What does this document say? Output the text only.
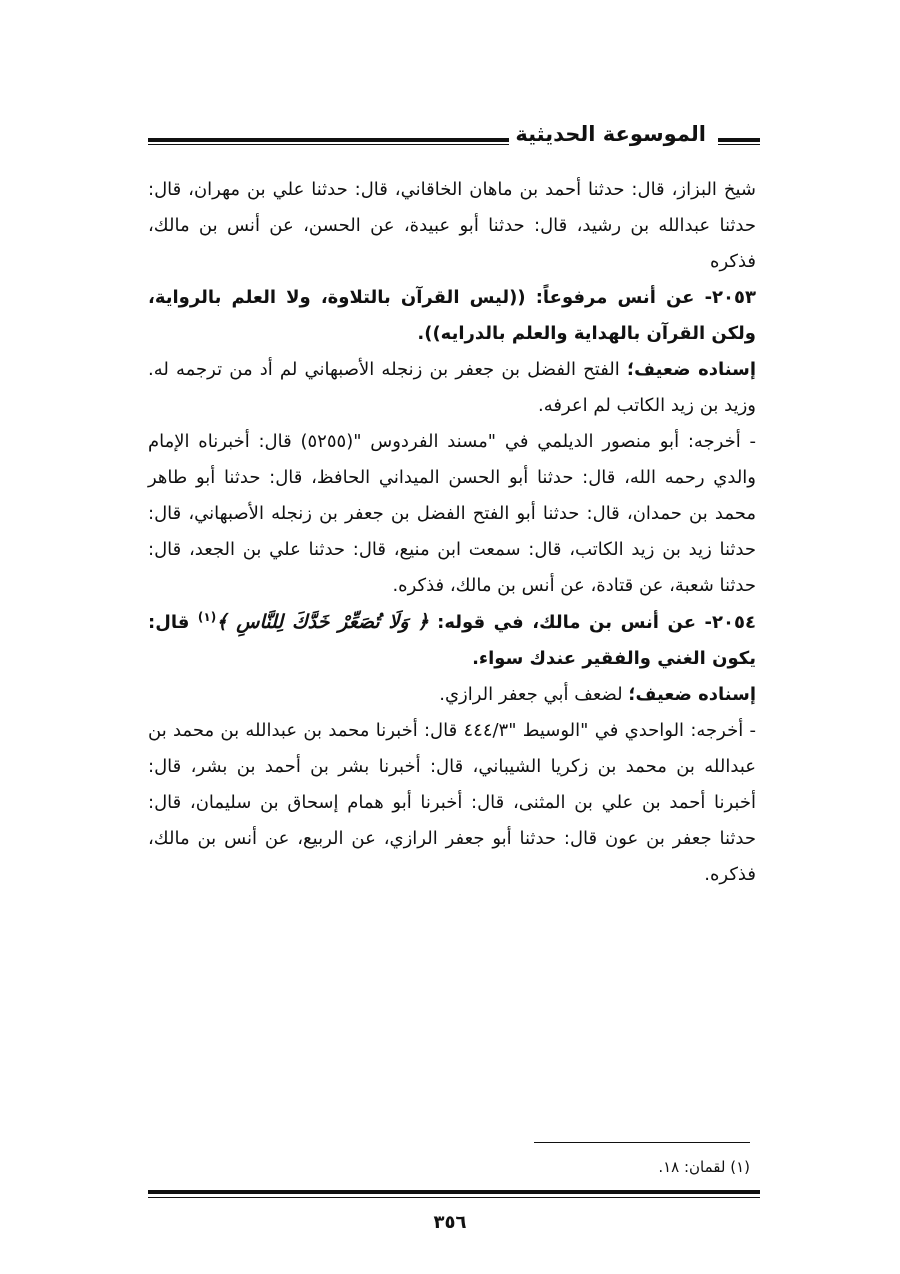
الموسوعة الحديثية

شيخ البزاز، قال: حدثنا أحمد بن ماهان الخاقاني، قال: حدثنا علي بن مهران، قال: حدثنا عبدالله بن رشيد، قال: حدثنا أبو عبيدة، عن الحسن، عن أنس بن مالك، فذكره

٢٠٥٣- عن أنس مرفوعاً: ((ليس القرآن بالتلاوة، ولا العلم بالرواية، ولكن القرآن بالهداية والعلم بالدرايه)).

إسناده ضعيف؛ الفتح الفضل بن جعفر بن زنجله الأصبهاني لم أد من ترجمه له. وزيد بن زيد الكاتب لم اعرفه.

- أخرجه: أبو منصور الديلمي في "مسند الفردوس "(٥٢٥٥) قال: أخبرناه الإمام والدي رحمه الله، قال: حدثنا أبو الحسن الميداني الحافظ، قال: حدثنا أبو طاهر محمد بن حمدان، قال: حدثنا أبو الفتح الفضل بن جعفر بن زنجله الأصبهاني، قال: حدثنا زيد بن زيد الكاتب، قال: سمعت ابن منيع، قال: حدثنا علي بن الجعد، قال: حدثنا شعبة، عن قتادة، عن أنس بن مالك، فذكره.

٢٠٥٤- عن أنس بن مالك، في قوله: ﴿ وَلَا تُصَعِّرْ خَدَّكَ لِلنَّاسِ ﴾$^{(١)}$ قال: يكون الغني والفقير عندك سواء.

إسناده ضعيف؛ لضعف أبي جعفر الرازي.

- أخرجه: الواحدي في "الوسيط "٤٤٤/٣ قال: أخبرنا محمد بن عبدالله بن محمد بن عبدالله بن محمد بن زكريا الشيباني، قال: أخبرنا بشر بن أحمد بن بشر، قال: أخبرنا أحمد بن علي بن المثنى، قال: أخبرنا أبو همام إسحاق بن سليمان، قال: حدثنا جعفر بن عون قال: حدثنا أبو جعفر الرازي، عن الربيع، عن أنس بن مالك، فذكره.

(١) لقمان: ١٨.
٣٥٦
